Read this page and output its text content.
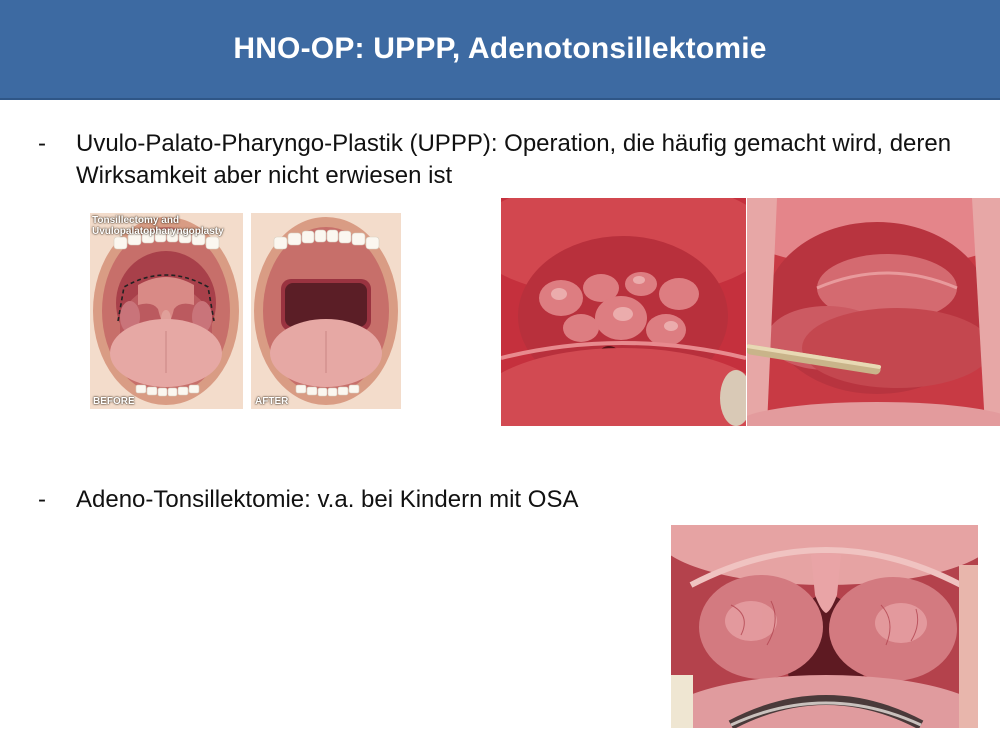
HNO-OP: UPPP, Adenotonsillektomie
- Uvulo-Palato-Pharyngo-Plastik (UPPP): Operation, die häufig gemacht wird, deren Wirksamkeit aber nicht erwiesen ist
Tonsillectomy and
Uvulopalatopharyngoplasty
BEFORE	AFTER
- Adeno-Tonsillektomie: v.a. bei Kindern mit OSA
